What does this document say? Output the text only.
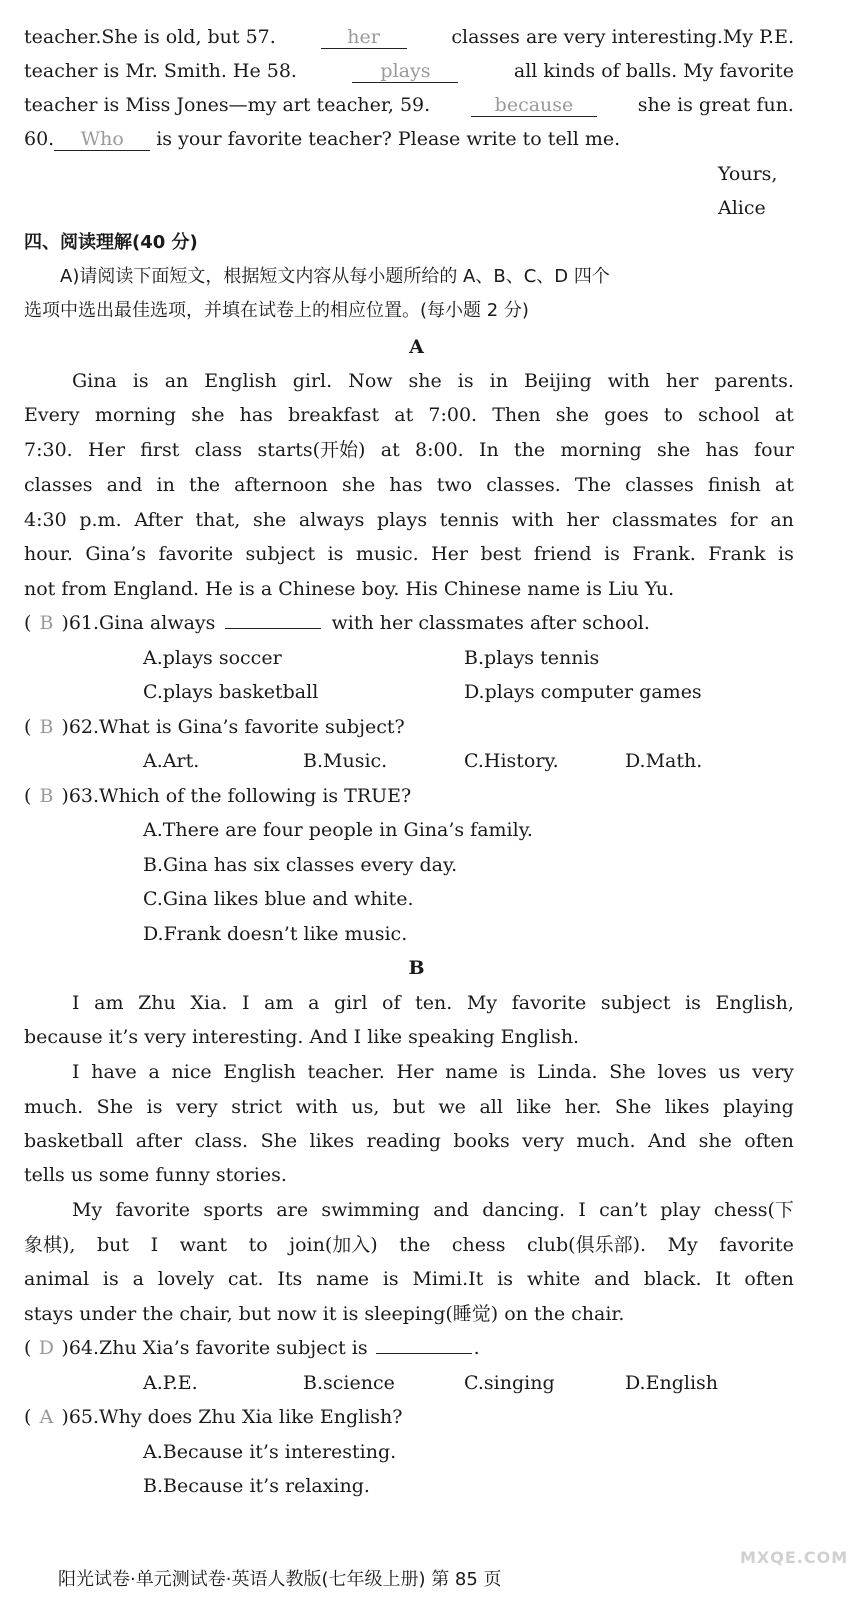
teacher.She is old, but 57.	her	classes are very interesting.My P.E.
teacher is Mr. Smith. He 58.	plays	all kinds of balls. My favorite
teacher is Miss Jones—my art teacher, 59.	because	she is great fun.
60. Who is your favorite teacher? Please write to tell me.
Yours,
Alice
四、阅读理解(40 分)
A)请阅读下面短文，根据短文内容从每小题所给的 A、B、C、D 四个
选项中选出最佳选项，并填在试卷上的相应位置。(每小题 2 分)
A
Gina is an English girl. Now she is in Beijing with her parents.
Every morning she has breakfast at 7:00. Then she goes to school at
7:30. Her first class starts(开始) at 8:00. In the morning she has four
classes and in the afternoon she has two classes. The classes finish at
4:30 p.m. After that, she always plays tennis with her classmates for an
hour. Gina’s favorite subject is music. Her best friend is Frank. Frank is
not from England. He is a Chinese boy. His Chinese name is Liu Yu.
( B )61.Gina always	with her classmates after school.
A.plays soccer	B.plays tennis
C.plays basketball	D.plays computer games
( B )62.What is Gina’s favorite subject?
A.Art.	B.Music.	C.History.	D.Math.
( B )63.Which of the following is TRUE?
A.There are four people in Gina’s family.
B.Gina has six classes every day.
C.Gina likes blue and white.
D.Frank doesn’t like music.
B
I am Zhu Xia. I am a girl of ten. My favorite subject is English,
because it’s very interesting. And I like speaking English.
I have a nice English teacher. Her name is Linda. She loves us very
much. She is very strict with us, but we all like her. She likes playing
basketball after class. She likes reading books very much. And she often
tells us some funny stories.
My favorite sports are swimming and dancing. I can’t play chess(下
象棋), but I want to join(加入) the chess club(俱乐部). My favorite
animal is a lovely cat. Its name is Mimi.It is white and black. It often
stays under the chair, but now it is sleeping(睡觉) on the chair.
( D )64.Zhu Xia’s favorite subject is	.
A.P.E.	B.science	C.singing	D.English
( A )65.Why does Zhu Xia like English?
A.Because it’s interesting.
B.Because it’s relaxing.
阳光试卷·单元测试卷·英语人教版(七年级上册) 第 85 页
MXQE.COM
